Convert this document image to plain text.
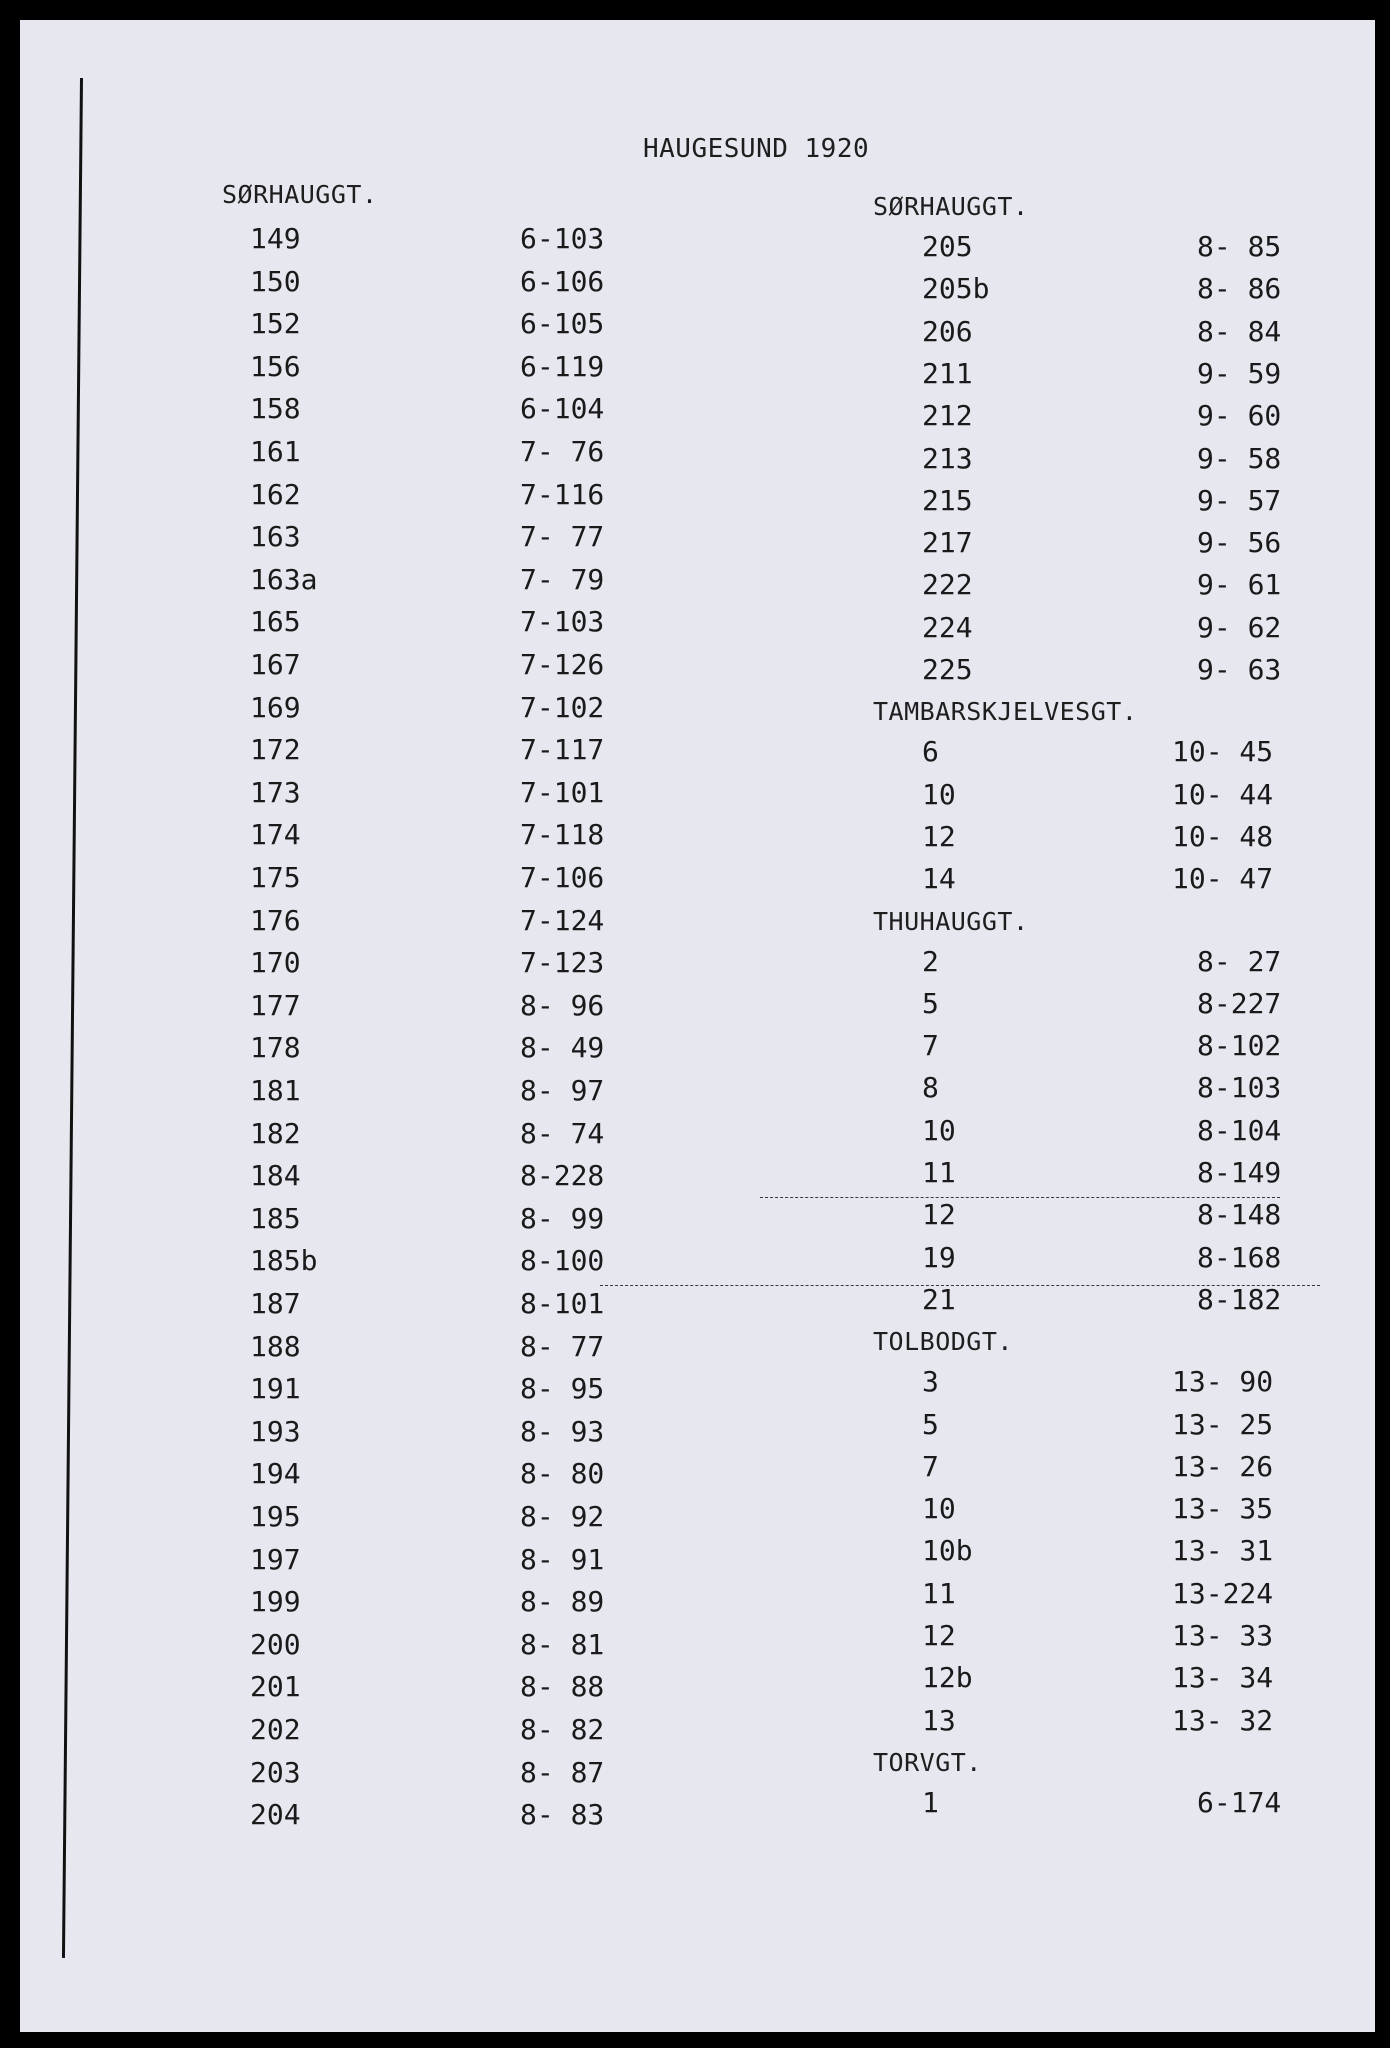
HAUGESUND 1920
SØRHAUGGT.
149	6-103
150	6-106
152	6-105
156	6-119
158	6-104
161	7- 76
162	7-116
163	7- 77
163a	7- 79
165	7-103
167	7-126
169	7-102
172	7-117
173	7-101
174	7-118
175	7-106
176	7-124
170	7-123
177	8- 96
178	8- 49
181	8- 97
182	8- 74
184	8-228
185	8- 99
185b	8-100
187	8-101
188	8- 77
191	8- 95
193	8- 93
194	8- 80
195	8- 92
197	8- 91
199	8- 89
200	8- 81
201	8- 88
202	8- 82
203	8- 87
204	8- 83
SØRHAUGGT.
205	8- 85
205b	8- 86
206	8- 84
211	9- 59
212	9- 60
213	9- 58
215	9- 57
217	9- 56
222	9- 61
224	9- 62
225	9- 63
TAMBARSKJELVESGT.
6	10- 45
10	10- 44
12	10- 48
14	10- 47
THUHAUGGT.
2	8- 27
5	8-227
7	8-102
8	8-103
10	8-104
11	8-149
12	8-148
19	8-168
21	8-182
TOLBODGT.
3	13- 90
5	13- 25
7	13- 26
10	13- 35
10b	13- 31
11	13-224
12	13- 33
12b	13- 34
13	13- 32
TORVGT.
1	6-174
